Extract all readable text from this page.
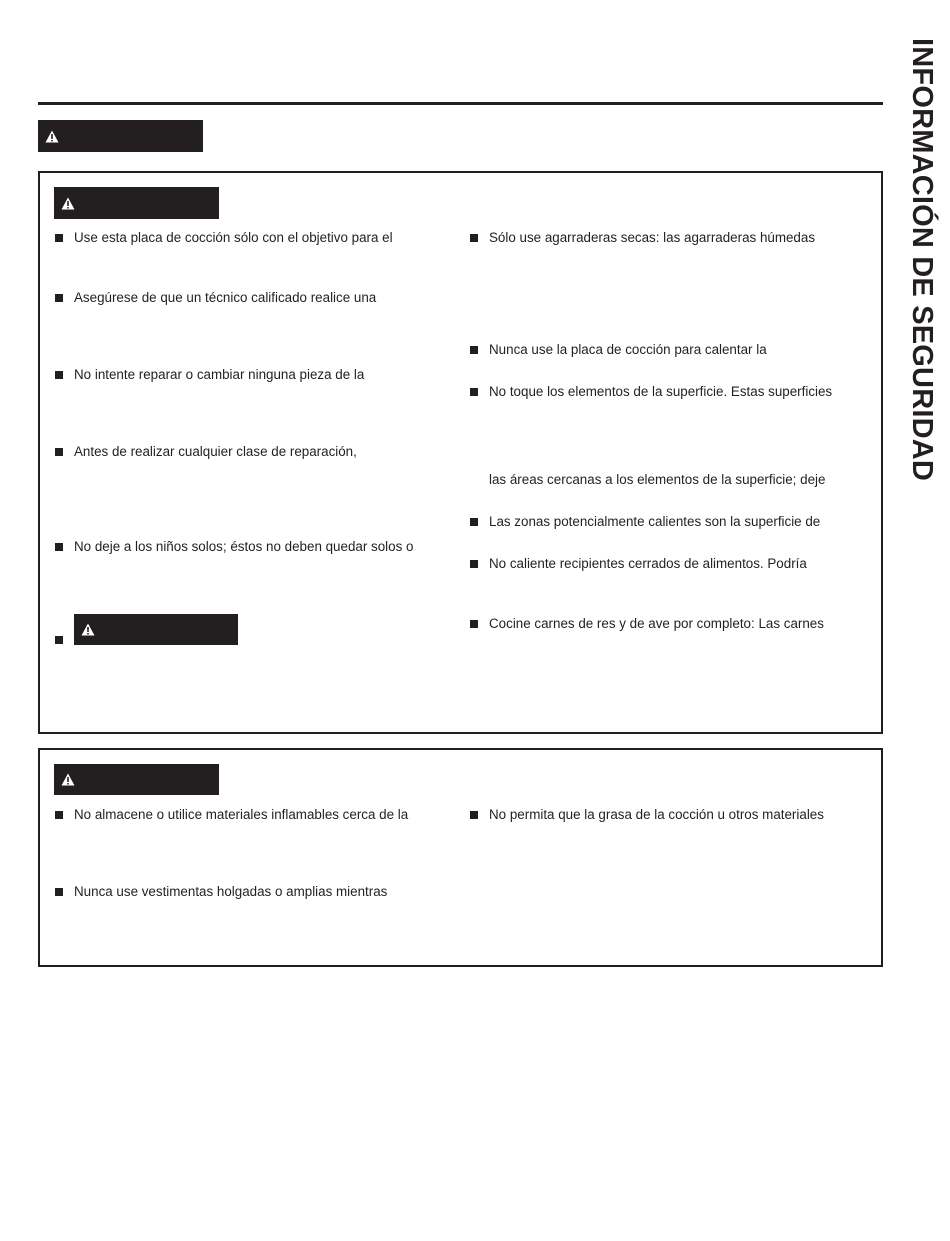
INFORMACIÓN DE SEGURIDAD
Use esta placa de cocción sólo con el objetivo para el
Asegúrese de que un técnico calificado realice una
No intente reparar o cambiar ninguna pieza de la
Antes de realizar cualquier clase de reparación,
No deje a los niños solos; éstos no deben quedar solos o
Sólo use agarraderas secas: las agarraderas húmedas
Nunca use la placa de cocción para calentar la
No toque los elementos de la superficie. Estas superficies
las áreas cercanas a los elementos de la superficie; deje
Las zonas potencialmente calientes son la superficie de
No caliente recipientes cerrados de alimentos. Podría
Cocine carnes de res y de ave por completo: Las carnes
No almacene o utilice materiales inflamables cerca de la
Nunca use vestimentas holgadas o amplias mientras
No permita que la grasa de la cocción u otros materiales
